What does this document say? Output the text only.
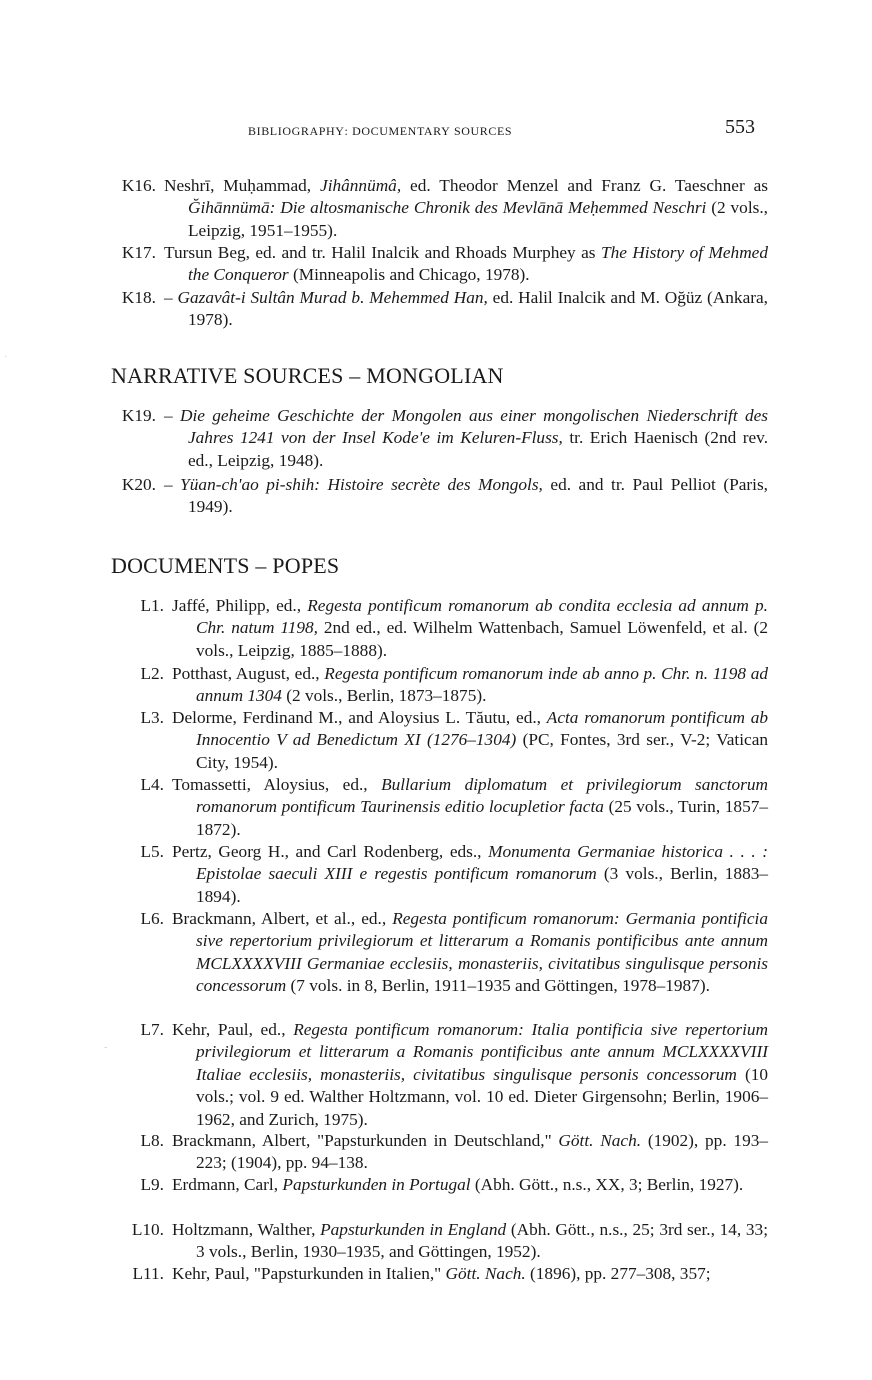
bibliography: documentary sources	553
·
-
K16. Neshrī, Muḥammad, Jihânnümâ, ed. Theodor Menzel and Franz G. Taeschner as Ğihānnümā: Die altosmanische Chronik des Mevlānā Meḥemmed Neschri (2 vols., Leipzig, 1951–1955).
K17. Tursun Beg, ed. and tr. Halil Inalcik and Rhoads Murphey as The History of Mehmed the Conqueror (Minneapolis and Chicago, 1978).
K18. – Gazavât-i Sultân Murad b. Mehemmed Han, ed. Halil Inalcik and M. Oğüz (Ankara, 1978).
NARRATIVE SOURCES – MONGOLIAN
K19. – Die geheime Geschichte der Mongolen aus einer mongolischen Niederschrift des Jahres 1241 von der Insel Kode'e im Keluren-Fluss, tr. Erich Haenisch (2nd rev. ed., Leipzig, 1948).
K20. – Yüan-ch'ao pi-shih: Histoire secrète des Mongols, ed. and tr. Paul Pelliot (Paris, 1949).
DOCUMENTS – POPES
L1. Jaffé, Philipp, ed., Regesta pontificum romanorum ab condita ecclesia ad annum p. Chr. natum 1198, 2nd ed., ed. Wilhelm Wattenbach, Samuel Löwenfeld, et al. (2 vols., Leipzig, 1885–1888).
L2. Potthast, August, ed., Regesta pontificum romanorum inde ab anno p. Chr. n. 1198 ad annum 1304 (2 vols., Berlin, 1873–1875).
L3. Delorme, Ferdinand M., and Aloysius L. Tăutu, ed., Acta romanorum pontificum ab Innocentio V ad Benedictum XI (1276–1304) (PC, Fontes, 3rd ser., V-2; Vatican City, 1954).
L4. Tomassetti, Aloysius, ed., Bullarium diplomatum et privilegiorum sanctorum romanorum pontificum Taurinensis editio locupletior facta (25 vols., Turin, 1857–1872).
L5. Pertz, Georg H., and Carl Rodenberg, eds., Monumenta Germaniae historica . . . : Epistolae saeculi XIII e regestis pontificum romanorum (3 vols., Berlin, 1883–1894).
L6. Brackmann, Albert, et al., ed., Regesta pontificum romanorum: Germania pontificia sive repertorium privilegiorum et litterarum a Romanis pontificibus ante annum MCLXXXXVIII Germaniae ecclesiis, monasteriis, civitatibus singulisque personis concessorum (7 vols. in 8, Berlin, 1911–1935 and Göttingen, 1978–1987).
L7. Kehr, Paul, ed., Regesta pontificum romanorum: Italia pontificia sive repertorium privilegiorum et litterarum a Romanis pontificibus ante annum MCLXXXXVIII Italiae ecclesiis, monasteriis, civitatibus singulisque personis concessorum (10 vols.; vol. 9 ed. Walther Holtzmann, vol. 10 ed. Dieter Girgensohn; Berlin, 1906–1962, and Zurich, 1975).
L8. Brackmann, Albert, "Papsturkunden in Deutschland," Gött. Nach. (1902), pp. 193–223; (1904), pp. 94–138.
L9. Erdmann, Carl, Papsturkunden in Portugal (Abh. Gött., n.s., XX, 3; Berlin, 1927).
L10. Holtzmann, Walther, Papsturkunden in England (Abh. Gött., n.s., 25; 3rd ser., 14, 33; 3 vols., Berlin, 1930–1935, and Göttingen, 1952).
L11. Kehr, Paul, "Papsturkunden in Italien," Gött. Nach. (1896), pp. 277–308, 357;
